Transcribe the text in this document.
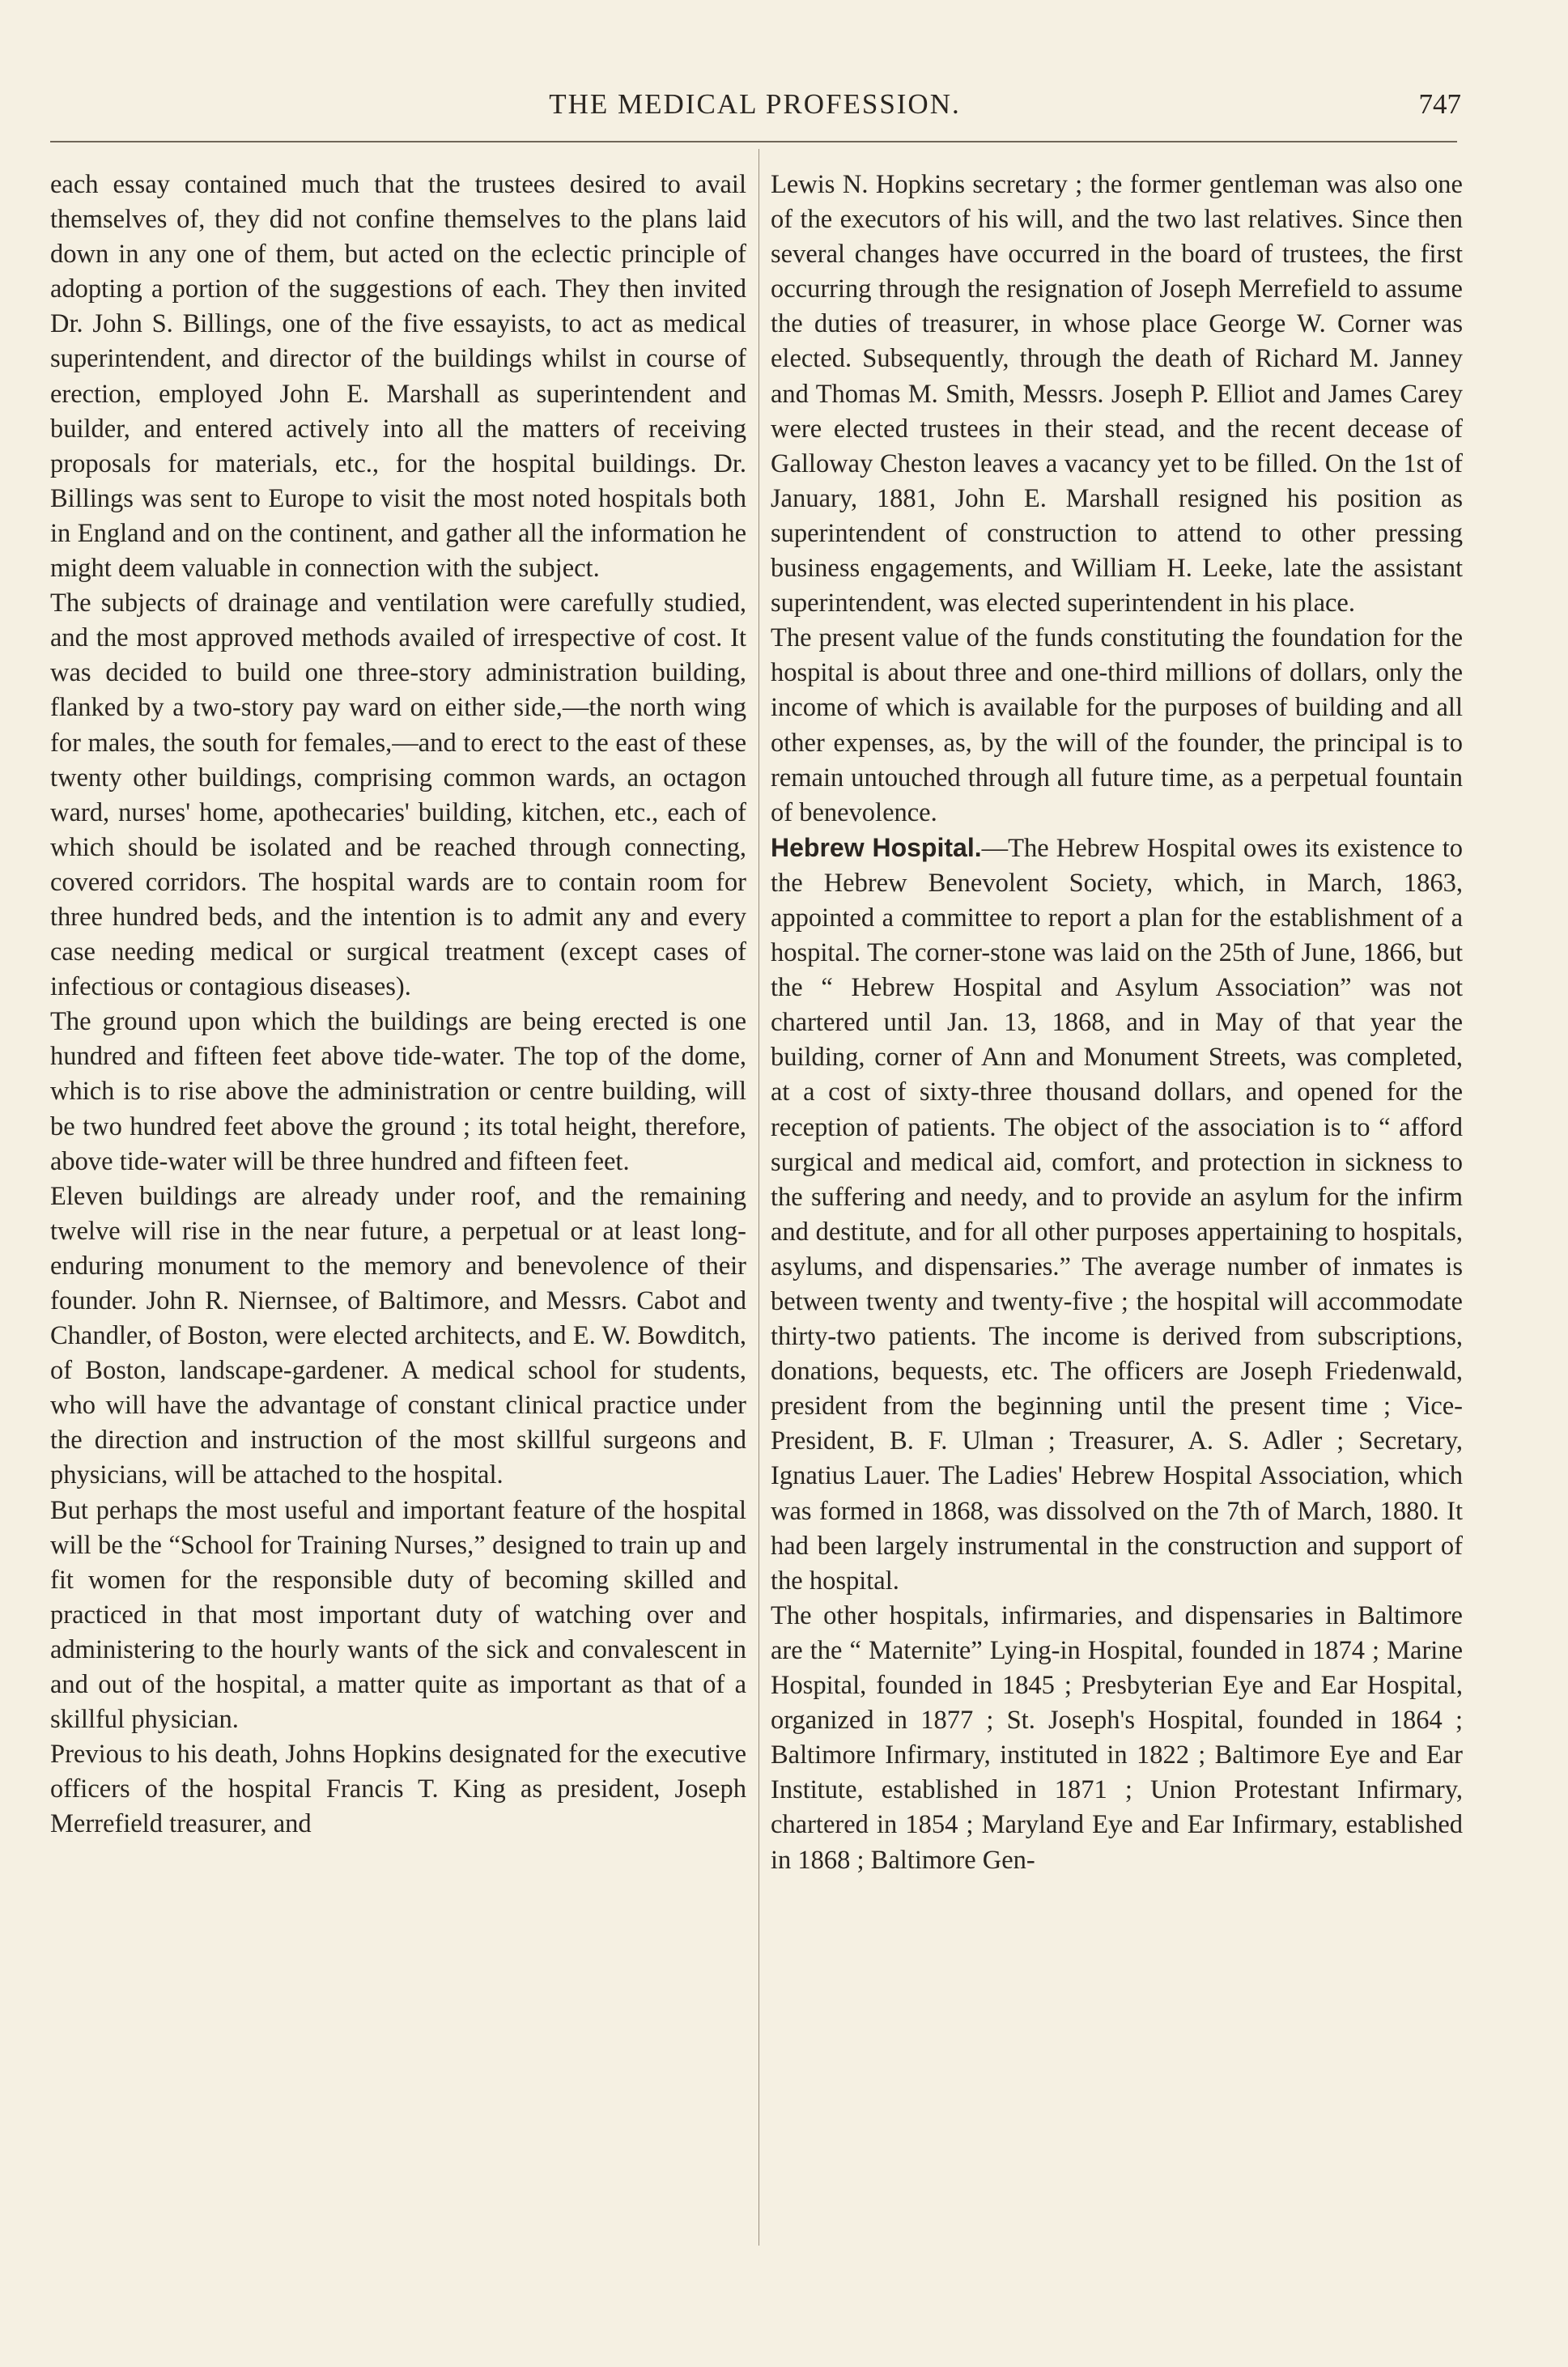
THE MEDICAL PROFESSION.	747

each essay contained much that the trustees desired to avail themselves of, they did not confine themselves to the plans laid down in any one of them, but acted on the eclectic principle of adopting a portion of the suggestions of each. They then invited Dr. John S. Billings, one of the five essayists, to act as medical superintendent, and director of the buildings whilst in course of erection, employed John E. Marshall as superintendent and builder, and entered actively into all the matters of receiving proposals for materials, etc., for the hospital buildings. Dr. Billings was sent to Europe to visit the most noted hospitals both in England and on the continent, and gather all the information he might deem valuable in connection with the subject.

The subjects of drainage and ventilation were carefully studied, and the most approved methods availed of irrespective of cost. It was decided to build one three-story administration building, flanked by a two-story pay ward on either side,—the north wing for males, the south for females,—and to erect to the east of these twenty other buildings, comprising common wards, an octagon ward, nurses' home, apothecaries' building, kitchen, etc., each of which should be isolated and be reached through connecting, covered corridors. The hospital wards are to contain room for three hundred beds, and the intention is to admit any and every case needing medical or surgical treatment (except cases of infectious or contagious diseases).

The ground upon which the buildings are being erected is one hundred and fifteen feet above tide-water. The top of the dome, which is to rise above the administration or centre building, will be two hundred feet above the ground ; its total height, therefore, above tide-water will be three hundred and fifteen feet.

Eleven buildings are already under roof, and the remaining twelve will rise in the near future, a perpetual or at least long-enduring monument to the memory and benevolence of their founder. John R. Niernsee, of Baltimore, and Messrs. Cabot and Chandler, of Boston, were elected architects, and E. W. Bowditch, of Boston, landscape-gardener. A medical school for students, who will have the advantage of constant clinical practice under the direction and instruction of the most skillful surgeons and physicians, will be attached to the hospital.

But perhaps the most useful and important feature of the hospital will be the “School for Training Nurses,” designed to train up and fit women for the responsible duty of becoming skilled and practiced in that most important duty of watching over and administering to the hourly wants of the sick and convalescent in and out of the hospital, a matter quite as important as that of a skillful physician.

Previous to his death, Johns Hopkins designated for the executive officers of the hospital Francis T. King as president, Joseph Merrefield treasurer, and

Lewis N. Hopkins secretary ; the former gentleman was also one of the executors of his will, and the two last relatives. Since then several changes have occurred in the board of trustees, the first occurring through the resignation of Joseph Merrefield to assume the duties of treasurer, in whose place George W. Corner was elected. Subsequently, through the death of Richard M. Janney and Thomas M. Smith, Messrs. Joseph P. Elliot and James Carey were elected trustees in their stead, and the recent decease of Galloway Cheston leaves a vacancy yet to be filled. On the 1st of January, 1881, John E. Marshall resigned his position as superintendent of construction to attend to other pressing business engagements, and William H. Leeke, late the assistant superintendent, was elected superintendent in his place.

The present value of the funds constituting the foundation for the hospital is about three and one-third millions of dollars, only the income of which is available for the purposes of building and all other expenses, as, by the will of the founder, the principal is to remain untouched through all future time, as a perpetual fountain of benevolence.

Hebrew Hospital.—The Hebrew Hospital owes its existence to the Hebrew Benevolent Society, which, in March, 1863, appointed a committee to report a plan for the establishment of a hospital. The corner-stone was laid on the 25th of June, 1866, but the “ Hebrew Hospital and Asylum Association” was not chartered until Jan. 13, 1868, and in May of that year the building, corner of Ann and Monument Streets, was completed, at a cost of sixty-three thousand dollars, and opened for the reception of patients. The object of the association is to “ afford surgical and medical aid, comfort, and protection in sickness to the suffering and needy, and to provide an asylum for the infirm and destitute, and for all other purposes appertaining to hospitals, asylums, and dispensaries.” The average number of inmates is between twenty and twenty-five ; the hospital will accommodate thirty-two patients. The income is derived from subscriptions, donations, bequests, etc. The officers are Joseph Friedenwald, president from the beginning until the present time ; Vice-President, B. F. Ulman ; Treasurer, A. S. Adler ; Secretary, Ignatius Lauer. The Ladies' Hebrew Hospital Association, which was formed in 1868, was dissolved on the 7th of March, 1880. It had been largely instrumental in the construction and support of the hospital.

The other hospitals, infirmaries, and dispensaries in Baltimore are the “ Maternite” Lying-in Hospital, founded in 1874 ; Marine Hospital, founded in 1845 ; Presbyterian Eye and Ear Hospital, organized in 1877 ; St. Joseph's Hospital, founded in 1864 ; Baltimore Infirmary, instituted in 1822 ; Baltimore Eye and Ear Institute, established in 1871 ; Union Protestant Infirmary, chartered in 1854 ; Maryland Eye and Ear Infirmary, established in 1868 ; Baltimore Gen-
